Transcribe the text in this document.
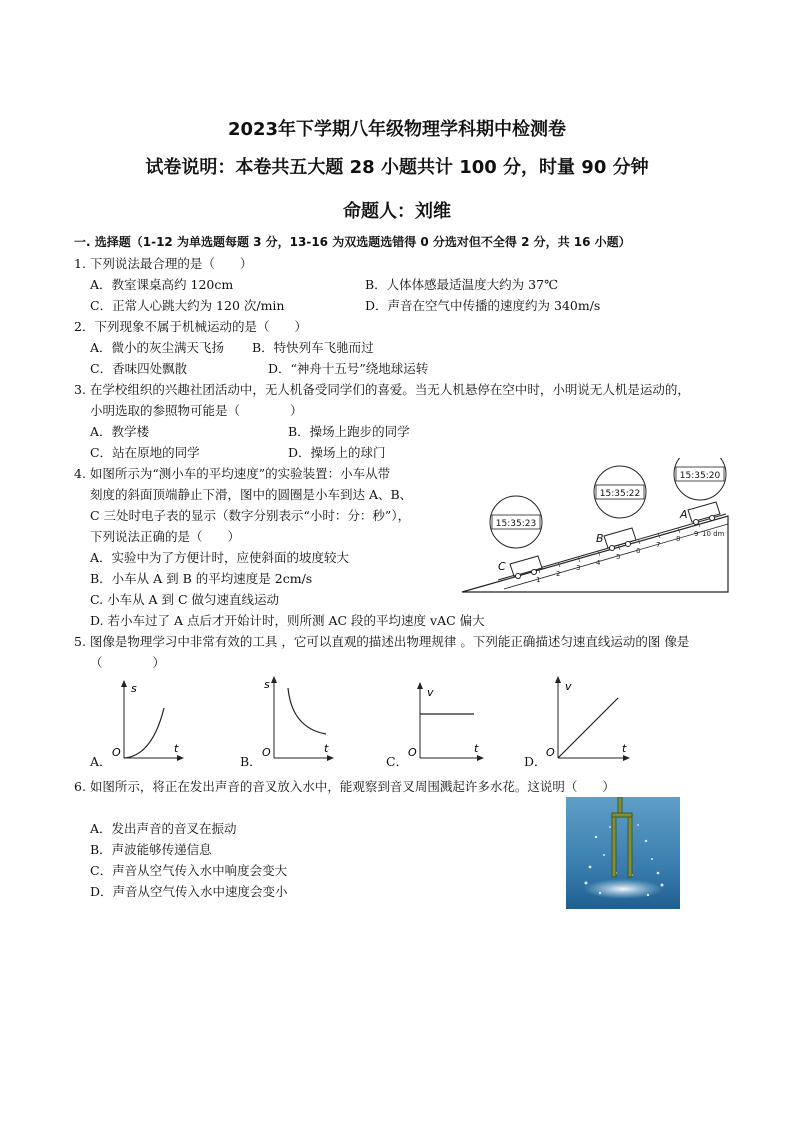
2023年下学期八年级物理学科期中检测卷
试卷说明：本卷共五大题 28 小题共计 100 分，时量 90 分钟
命题人：刘维
一. 选择题（1-12 为单选题每题 3 分，13-16 为双选题选错得 0 分选对但不全得 2 分，共 16 小题）
1. 下列说法最合理的是（　　）
A．教室课桌高约 120cm	B．人体体感最适温度大约为 37℃
C．正常人心跳大约为 120 次/min	D．声音在空气中传播的速度约为 340m/s
2．下列现象不属于机械运动的是（　　）
A．微小的灰尘满天飞扬 B．特快列车飞驰而过
C．香味四处飘散	D．“神舟十五号”绕地球运转
3. 在学校组织的兴趣社团活动中，无人机备受同学们的喜爱。当无人机悬停在空中时，小明说无人机是运动的，
小明选取的参照物可能是（　　　　）
A．教学楼	B．操场上跑步的同学
C．站在原地的同学	D．操场上的球门
4. 如图所示为“测小车的平均速度”的实验装置：小车从带
刻度的斜面顶端静止下滑，图中的圆圈是小车到达 A、B、
C 三处时电子表的显示（数字分别表示“小时：分：秒”），
下列说法正确的是（　　）
A．实验中为了方便计时，应使斜面的坡度较大
B．小车从 A 到 B 的平均速度是 2cm/s
C. 小车从 A 到 C 做匀速直线运动
D. 若小车过了 A 点后才开始计时，则所测 AC 段的平均速度 vAC 偏大
1
2
3
4
5
6
7
8
9 10 dm
A
B
C
15:35:20
15:35:22
15:35:23
5. 图像是物理学习中非常有效的工具 ，它可以直观的描述出物理规律 。下列能正确描述匀速直线运动的图 像是
（　　　　）
A．
s
t
O
B．
s
t
O
C．
v
t
O
D．
v
t
O
6. 如图所示，将正在发出声音的音叉放入水中，能观察到音叉周围溅起许多水花。这说明（　　）
A．发出声音的音叉在振动
B．声波能够传递信息
C．声音从空气传入水中响度会变大
D．声音从空气传入水中速度会变小
